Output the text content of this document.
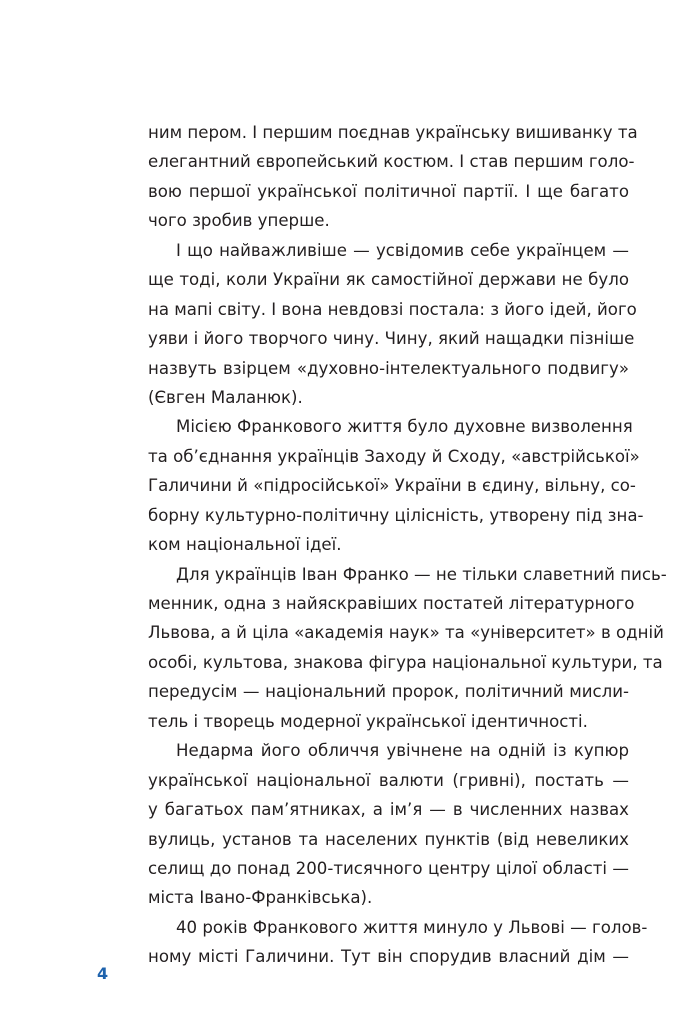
ним пером. І першим поєднав українську вишиванку та
елегантний європейський костюм. І став першим голо-
вою першої української політичної партії. І ще багато
чого зробив уперше.
І що найважливіше — усвідомив себе українцем —
ще тоді, коли України як самостійної держави не було
на мапі світу. І вона невдовзі постала: з його ідей, його
уяви і його творчого чину. Чину, який нащадки пізніше
назвуть взірцем «духовно-інтелектуального подвигу»
(Євген Маланюк).
Місією Франкового життя було духовне визволення
та об’єднання українців Заходу й Сходу, «австрійської»
Галичини й «підросійської» України в єдину, вільну, со-
борну культурно-політичну цілісність, утворену під зна-
ком національної ідеї.
Для українців Іван Франко — не тільки славетний пись-
менник, одна з найяскравіших постатей літературного
Львова, а й ціла «академія наук» та «університет» в одній
особі, культова, знакова фігура національної культури, та
передусім — національний пророк, політичний мисли-
тель і творець модерної української ідентичності.
Недарма його обличчя увічнене на одній із купюр
української національної валюти (гривні), постать —
у багатьох пам’ятниках, а ім’я — в численних назвах
вулиць, установ та населених пунктів (від невеликих
селищ до понад 200-тисячного центру цілої області —
міста Івано-Франківська).
40 років Франкового життя минуло у Львові — голов-
ному місті Галичини. Тут він спорудив власний дім —
4
